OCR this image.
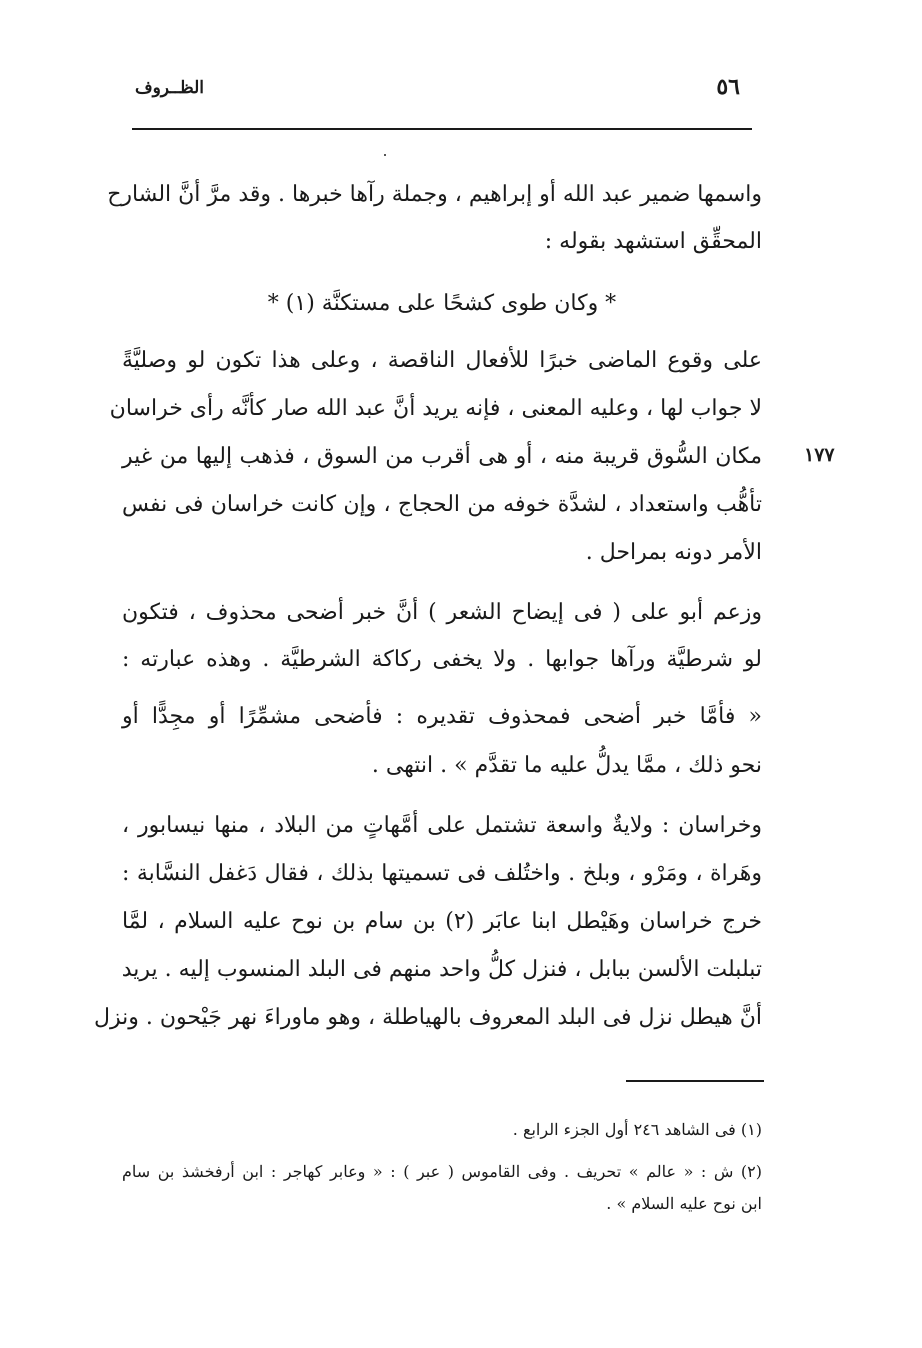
الظــروف	٥٦
١٧٧
واسمها ضمير عبد الله أو إبراهيم ، وجملة رآها خبرها . وقد مرَّ أنَّ الشارح
المحقِّق استشهد بقوله :
* وكان طوى كشحًا على مستكنَّة (١) *
على وقوع الماضى خبرًا للأفعال الناقصة ، وعلى هذا تكون لو وصليَّةً
لا جواب لها ، وعليه المعنى ، فإنه يريد أنَّ عبد الله صار كأنَّه رأى خراسان
مكان السُّوق قريبة منه ، أو هى أقرب من السوق ، فذهب إليها من غير
تأهُّب واستعداد ، لشدَّة خوفه من الحجاج ، وإن كانت خراسان فى نفس
الأمر دونه بمراحل .
وزعم أبو على ( فى إيضاح الشعر ) أنَّ خبر أضحى محذوف ، فتكون
لو شرطيَّة ورآها جوابها . ولا يخفى ركاكة الشرطيَّة . وهذه عبارته :
« فأمَّا خبر أضحى فمحذوف تقديره : فأضحى مشمِّرًا أو مجِدًّا أو
نحو ذلك ، ممَّا يدلُّ عليه ما تقدَّم » . انتهى .
وخراسان : ولايةٌ واسعة تشتمل على أمَّهاتٍ من البلاد ، منها نيسابور ،
وهَراة ، ومَرْو ، وبلخ . واختُلف فى تسميتها بذلك ، فقال دَغفل النسَّابة :
خرج خراسان وهَيْطل ابنا عابَر (٢) بن سام بن نوح عليه السلام ، لمَّا
تبلبلت الألسن ببابل ، فنزل كلُّ واحد منهم فى البلد المنسوب إليه . يريد
أنَّ هيطل نزل فى البلد المعروف بالهياطلة ، وهو ماوراءَ نهر جَيْحون . ونزل
(١) فى الشاهد ٢٤٦ أول الجزء الرابع .
(٢) ش : « عالم » تحريف . وفى القاموس ( عبر ) : « وعابر كهاجر : ابن أرفخشذ بن سام
ابن نوح عليه السلام » .
